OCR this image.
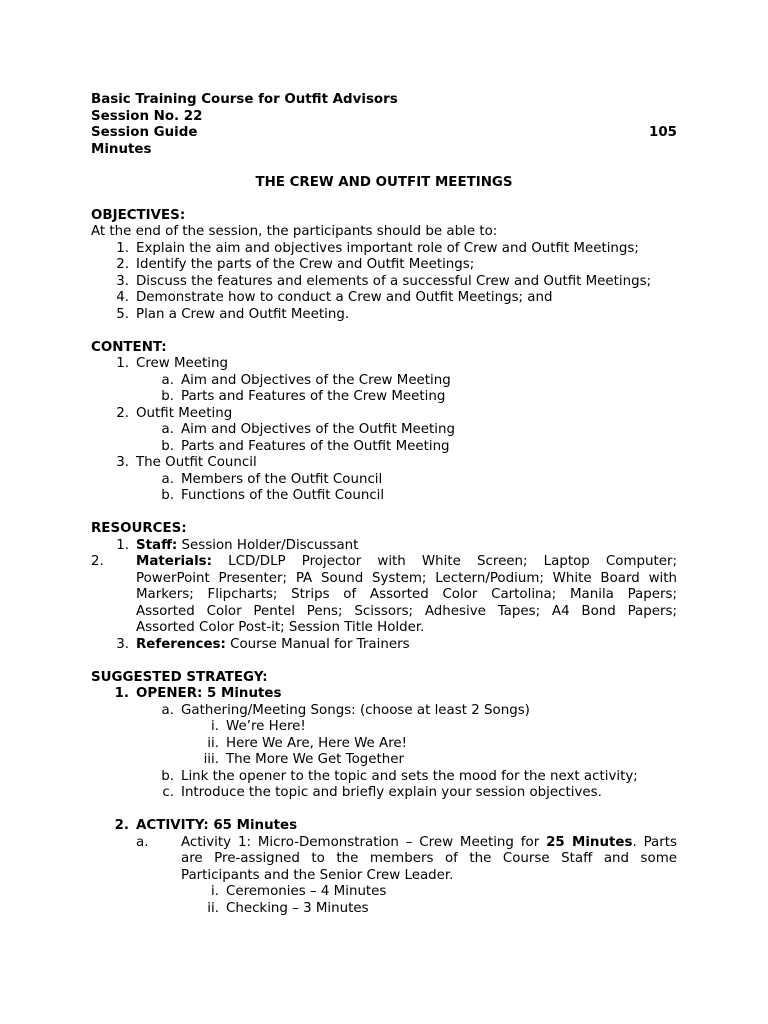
Basic Training Course for Outfit Advisors
Session No. 22
Session Guide	105
Minutes
THE CREW AND OUTFIT MEETINGS
OBJECTIVES:
At the end of the session, the participants should be able to:
1. Explain the aim and objectives important role of Crew and Outfit Meetings;
2. Identify the parts of the Crew and Outfit Meetings;
3. Discuss the features and elements of a successful Crew and Outfit Meetings;
4. Demonstrate how to conduct a Crew and Outfit Meetings; and
5. Plan a Crew and Outfit Meeting.
CONTENT:
1. Crew Meeting
a. Aim and Objectives of the Crew Meeting
b. Parts and Features of the Crew Meeting
2. Outfit Meeting
a. Aim and Objectives of the Outfit Meeting
b. Parts and Features of the Outfit Meeting
3. The Outfit Council
a. Members of the Outfit Council
b. Functions of the Outfit Council
RESOURCES:
1. Staff: Session Holder/Discussant
2.	Materials: LCD/DLP Projector with White Screen; Laptop Computer;
PowerPoint Presenter; PA Sound System; Lectern/Podium; White Board with
Markers; Flipcharts; Strips of Assorted Color Cartolina; Manila Papers;
Assorted Color Pentel Pens; Scissors; Adhesive Tapes; A4 Bond Papers;
Assorted Color Post-it; Session Title Holder.
3. References: Course Manual for Trainers
SUGGESTED STRATEGY:
1. OPENER: 5 Minutes
a. Gathering/Meeting Songs: (choose at least 2 Songs)
i. We’re Here!
ii. Here We Are, Here We Are!
iii. The More We Get Together
b. Link the opener to the topic and sets the mood for the next activity;
c. Introduce the topic and briefly explain your session objectives.
2. ACTIVITY: 65 Minutes
a.	Activity 1: Micro-Demonstration – Crew Meeting for 25 Minutes. Parts
are Pre-assigned to the members of the Course Staff and some
Participants and the Senior Crew Leader.
i. Ceremonies – 4 Minutes
ii. Checking – 3 Minutes
